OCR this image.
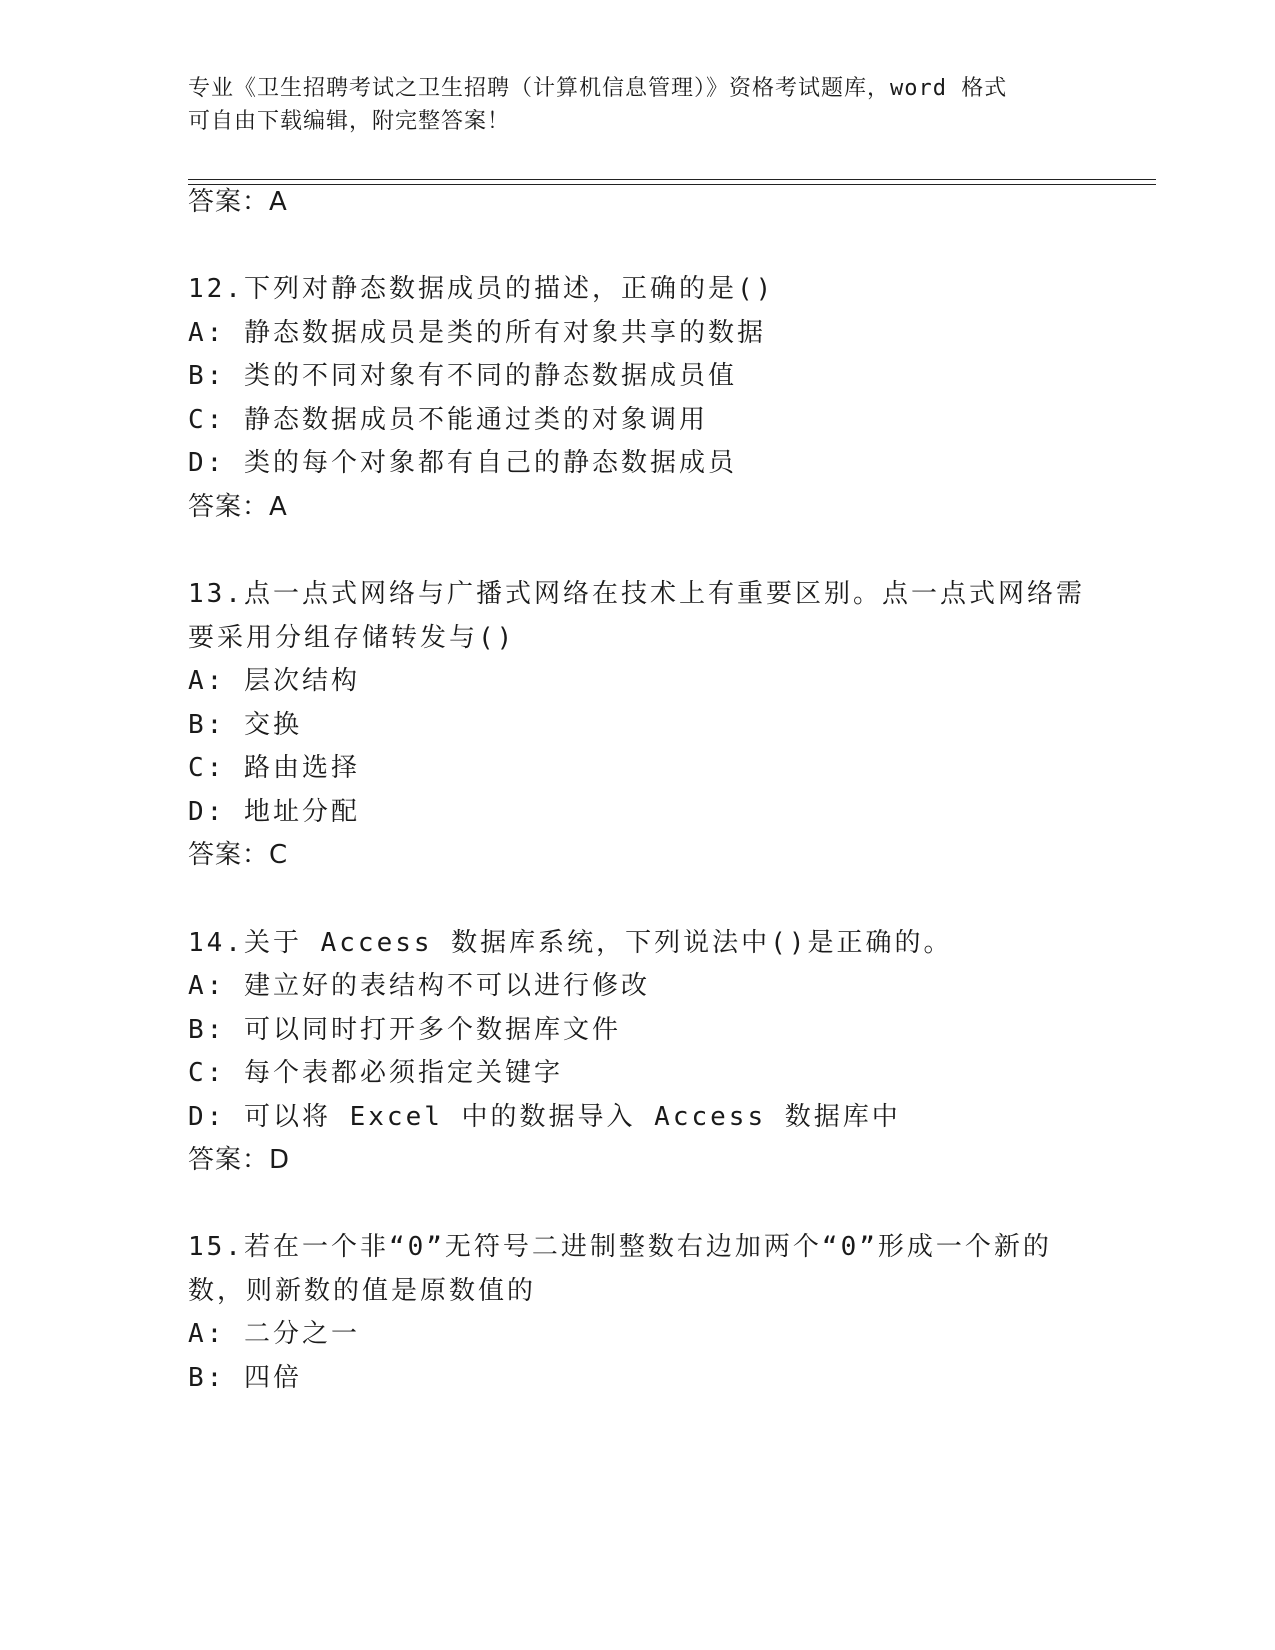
专业《卫生招聘考试之卫生招聘（计算机信息管理）》资格考试题库，word 格式
可自由下载编辑，附完整答案！
答案：A
12.下列对静态数据成员的描述，正确的是()
A: 静态数据成员是类的所有对象共享的数据
B: 类的不同对象有不同的静态数据成员值
C: 静态数据成员不能通过类的对象调用
D: 类的每个对象都有自己的静态数据成员
答案：A
13.点一点式网络与广播式网络在技术上有重要区别。点一点式网络需
要采用分组存储转发与()
A: 层次结构
B: 交换
C: 路由选择
D: 地址分配
答案：C
14.关于 Access 数据库系统，下列说法中()是正确的。
A: 建立好的表结构不可以进行修改
B: 可以同时打开多个数据库文件
C: 每个表都必须指定关键字
D: 可以将 Excel 中的数据导入 Access 数据库中
答案：D
15.若在一个非“0”无符号二进制整数右边加两个“0”形成一个新的
数，则新数的值是原数值的
A: 二分之一
B: 四倍
